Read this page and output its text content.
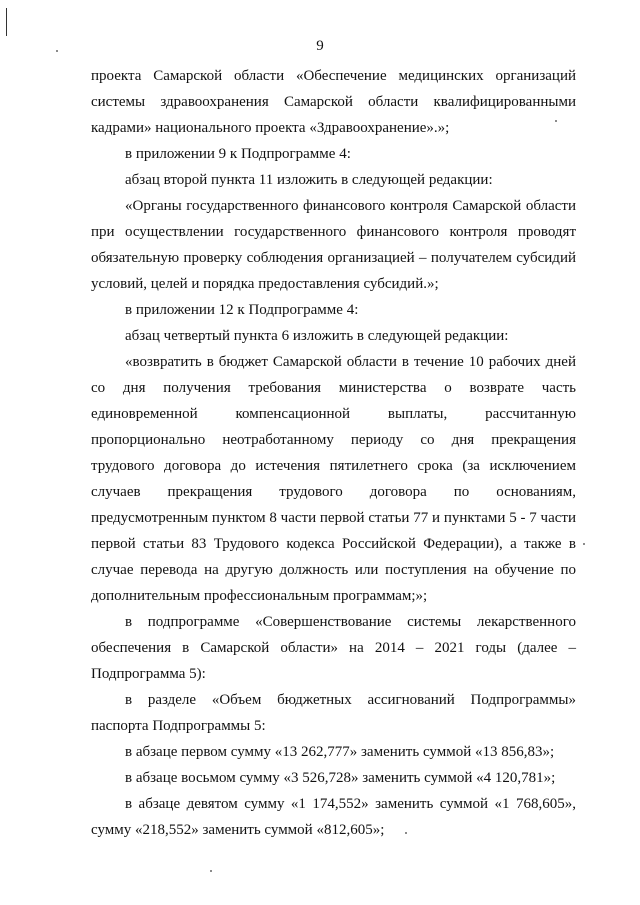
9

проекта Самарской области «Обеспечение медицинских организаций системы здравоохранения Самарской области квалифицированными кадрами» национального проекта «Здравоохранение».»;

в приложении 9 к Подпрограмме 4:

абзац второй пункта 11 изложить в следующей редакции:

«Органы государственного финансового контроля Самарской области при осуществлении государственного финансового контроля проводят обязательную проверку соблюдения организацией – получателем субсидий условий, целей и порядка предоставления субсидий.»;

в приложении 12 к Подпрограмме 4:

абзац четвертый пункта 6 изложить в следующей редакции:

«возвратить в бюджет Самарской области в течение 10 рабочих дней со дня получения требования министерства о возврате часть единовременной компенсационной выплаты, рассчитанную пропорционально неотработанному периоду со дня прекращения трудового договора до истечения пятилетнего срока (за исключением случаев прекращения трудового договора по основаниям, предусмотренным пунктом 8 части первой статьи 77 и пунктами 5 - 7 части первой статьи 83 Трудового кодекса Российской Федерации), а также в случае перевода на другую должность или поступления на обучение по дополнительным профессиональным программам;»;

в подпрограмме «Совершенствование системы лекарственного обеспечения в Самарской области» на 2014 – 2021 годы (далее – Подпрограмма 5):

в разделе «Объем бюджетных ассигнований Подпрограммы» паспорта Подпрограммы 5:

в абзаце первом сумму «13 262,777» заменить суммой «13 856,83»;

в абзаце восьмом сумму «3 526,728» заменить суммой «4 120,781»;

в абзаце девятом сумму «1 174,552» заменить суммой «1 768,605», сумму «218,552» заменить суммой «812,605»;
